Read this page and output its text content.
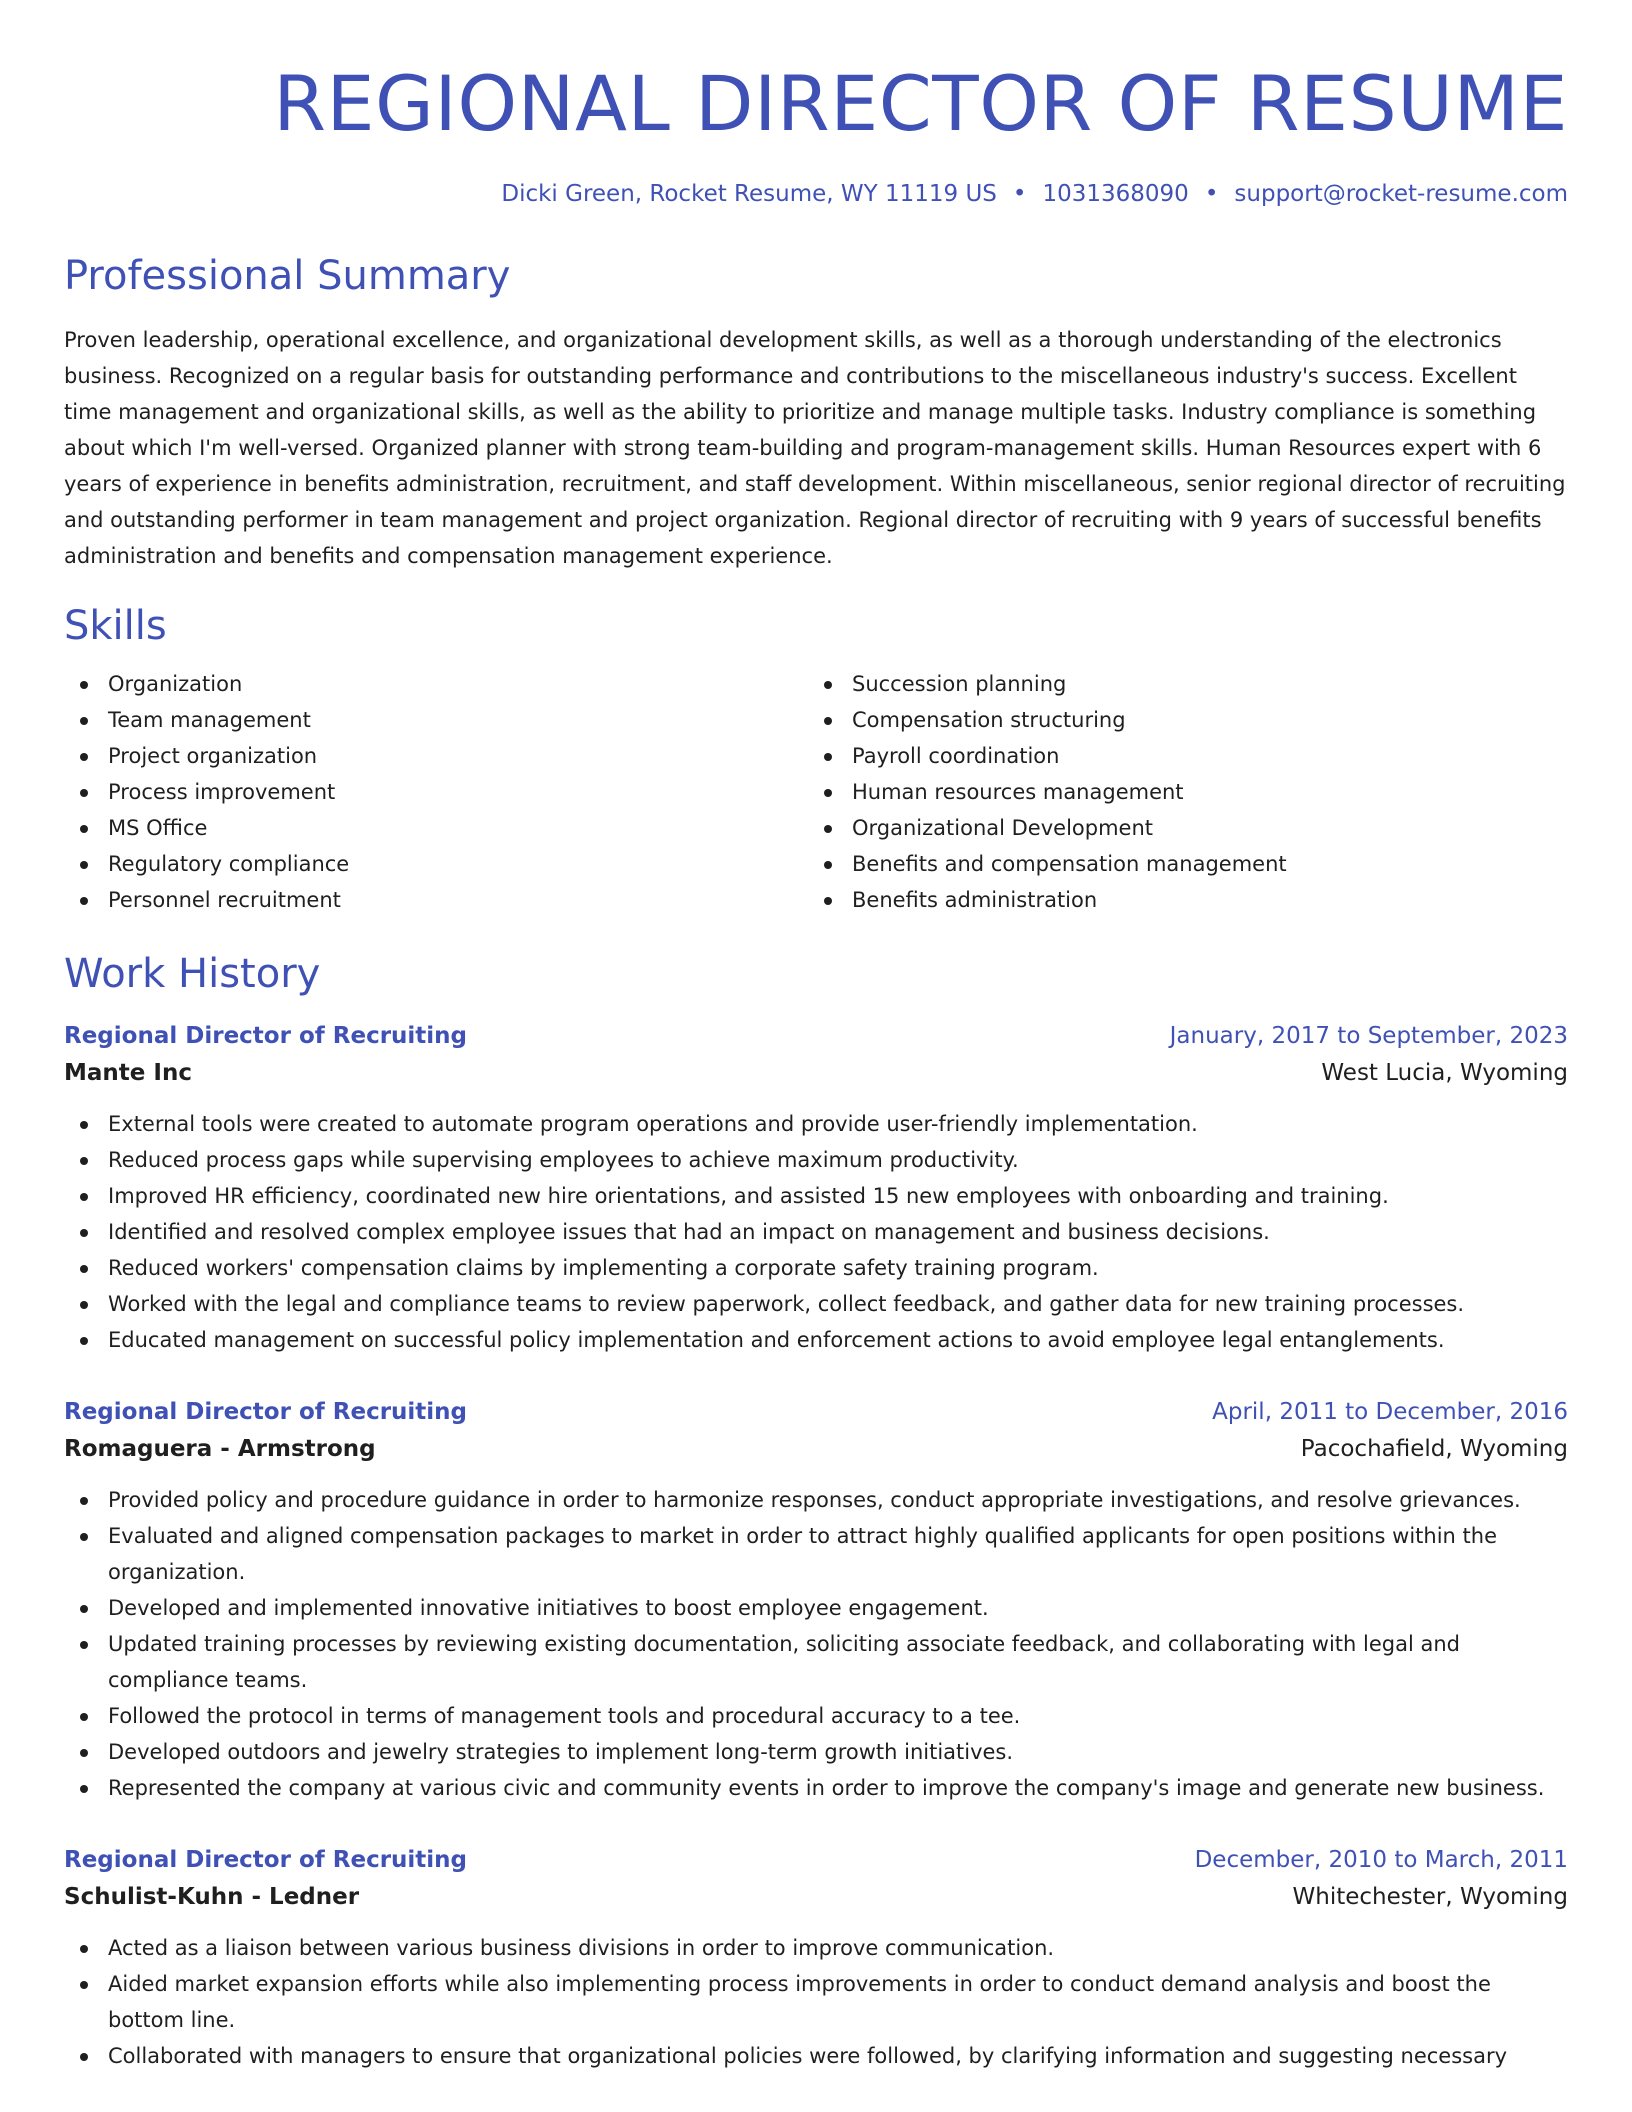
REGIONAL DIRECTOR OF RESUME
Dicki Green, Rocket Resume, WY 11119 US • 1031368090 • support@rocket-resume.com
Professional Summary

Proven leadership, operational excellence, and organizational development skills, as well as a thorough understanding of the electronics business. Recognized on a regular basis for outstanding performance and contributions to the miscellaneous industry's success. Excellent time management and organizational skills, as well as the ability to prioritize and manage multiple tasks. Industry compliance is something about which I'm well-versed. Organized planner with strong team-building and program-management skills. Human Resources expert with 6 years of experience in benefits administration, recruitment, and staff development. Within miscellaneous, senior regional director of recruiting and outstanding performer in team management and project organization. Regional director of recruiting with 9 years of successful benefits administration and benefits and compensation management experience.

Skills
Organization
Team management
Project organization
Process improvement
MS Office
Regulatory compliance
Personnel recruitment
Succession planning
Compensation structuring
Payroll coordination
Human resources management
Organizational Development
Benefits and compensation management
Benefits administration
Work History
Regional Director of Recruiting	January, 2017 to September, 2023
Mante Inc	West Lucia, Wyoming
External tools were created to automate program operations and provide user-friendly implementation.
Reduced process gaps while supervising employees to achieve maximum productivity.
Improved HR efficiency, coordinated new hire orientations, and assisted 15 new employees with onboarding and training.
Identified and resolved complex employee issues that had an impact on management and business decisions.
Reduced workers' compensation claims by implementing a corporate safety training program.
Worked with the legal and compliance teams to review paperwork, collect feedback, and gather data for new training processes.
Educated management on successful policy implementation and enforcement actions to avoid employee legal entanglements.
Regional Director of Recruiting	April, 2011 to December, 2016
Romaguera - Armstrong	Pacochafield, Wyoming
Provided policy and procedure guidance in order to harmonize responses, conduct appropriate investigations, and resolve grievances.
Evaluated and aligned compensation packages to market in order to attract highly qualified applicants for open positions within the organization.
Developed and implemented innovative initiatives to boost employee engagement.
Updated training processes by reviewing existing documentation, soliciting associate feedback, and collaborating with legal and compliance teams.
Followed the protocol in terms of management tools and procedural accuracy to a tee.
Developed outdoors and jewelry strategies to implement long-term growth initiatives.
Represented the company at various civic and community events in order to improve the company's image and generate new business.
Regional Director of Recruiting	December, 2010 to March, 2011
Schulist-Kuhn - Ledner	Whitechester, Wyoming
Acted as a liaison between various business divisions in order to improve communication.
Aided market expansion efforts while also implementing process improvements in order to conduct demand analysis and boost the bottom line.
Collaborated with managers to ensure that organizational policies were followed, by clarifying information and suggesting necessary
